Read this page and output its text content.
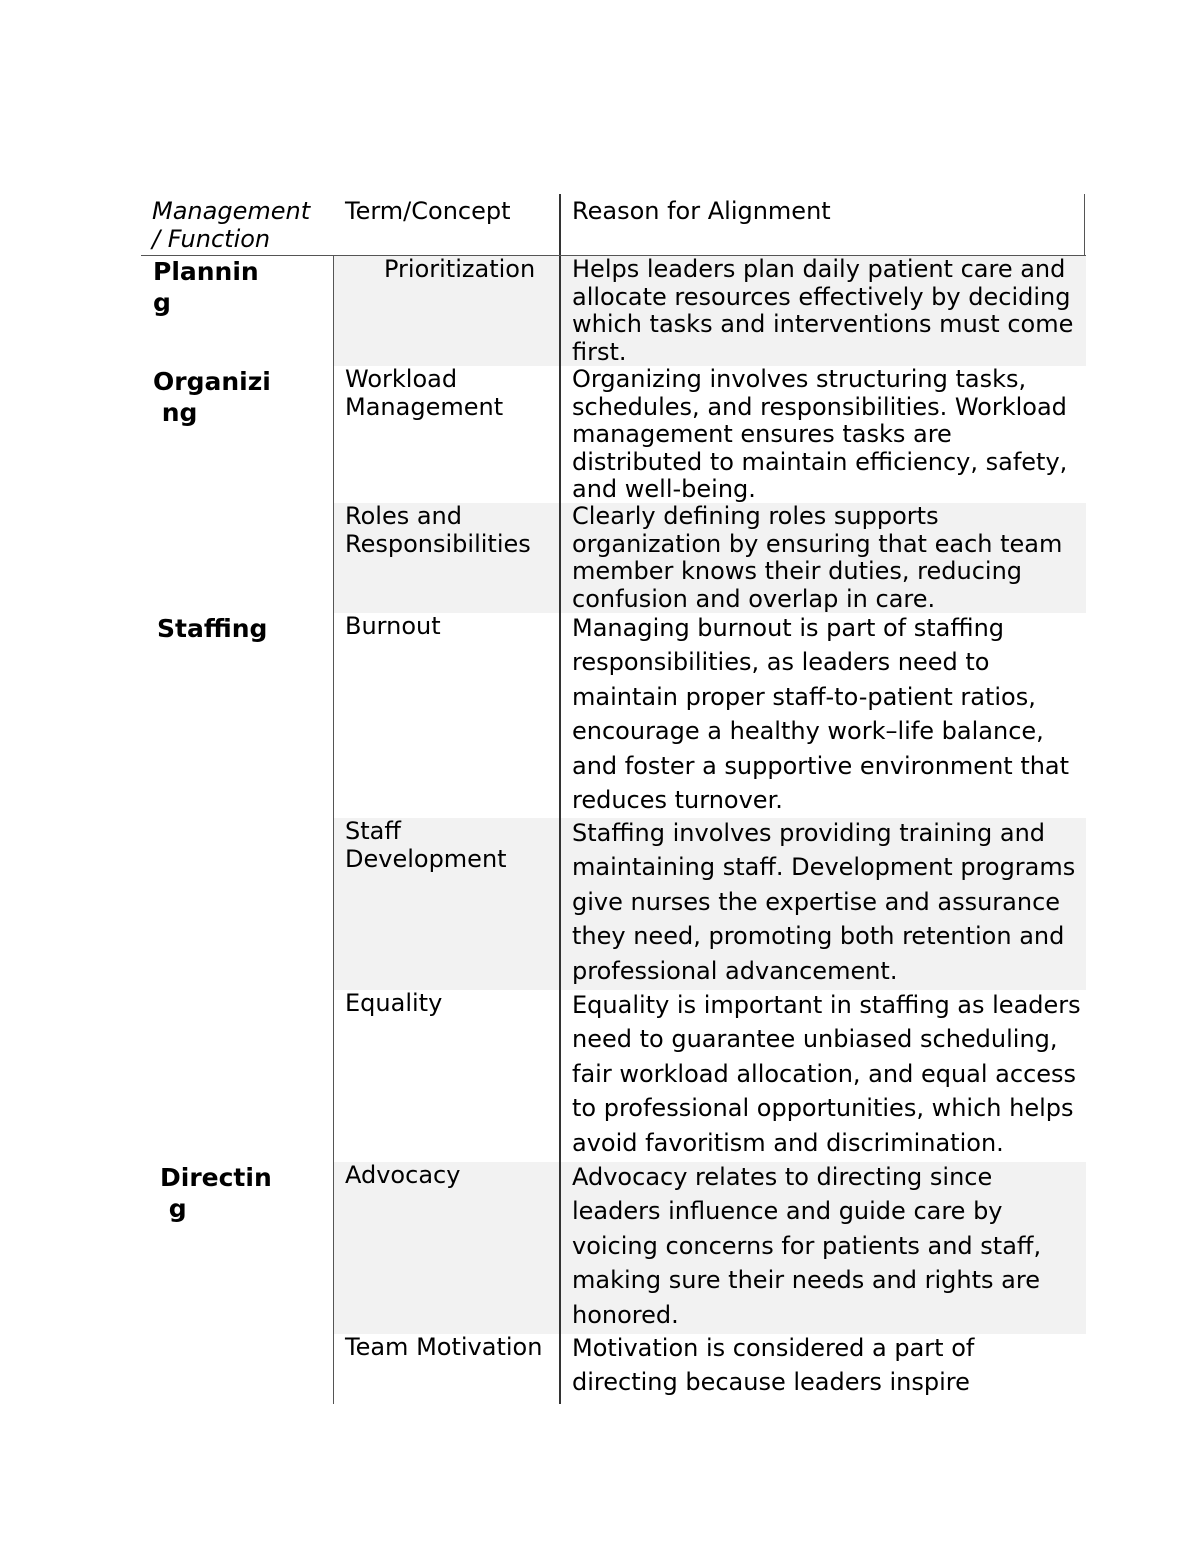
Management
/ Function
Term/Concept	Reason for Alignment
Plannin
g
Organizi
ng
Staffing
Directin
g
Prioritization
Workload
Management
Roles and
Responsibilities
Burnout
Staff
Development
Equality
Advocacy
Team Motivation
Helps leaders plan daily patient care and
allocate resources effectively by deciding
which tasks and interventions must come
first.
Organizing involves structuring tasks,
schedules, and responsibilities. Workload
management ensures tasks are
distributed to maintain efficiency, safety,
and well-being.
Clearly defining roles supports
organization by ensuring that each team
member knows their duties, reducing
confusion and overlap in care.
Managing burnout is part of staffing
responsibilities, as leaders need to
maintain proper staff-to-patient ratios,
encourage a healthy work–life balance,
and foster a supportive environment that
reduces turnover.
Staffing involves providing training and
maintaining staff. Development programs
give nurses the expertise and assurance
they need, promoting both retention and
professional advancement.
Equality is important in staffing as leaders
need to guarantee unbiased scheduling,
fair workload allocation, and equal access
to professional opportunities, which helps
avoid favoritism and discrimination.
Advocacy relates to directing since
leaders influence and guide care by
voicing concerns for patients and staff,
making sure their needs and rights are
honored.
Motivation is considered a part of
directing because leaders inspire
